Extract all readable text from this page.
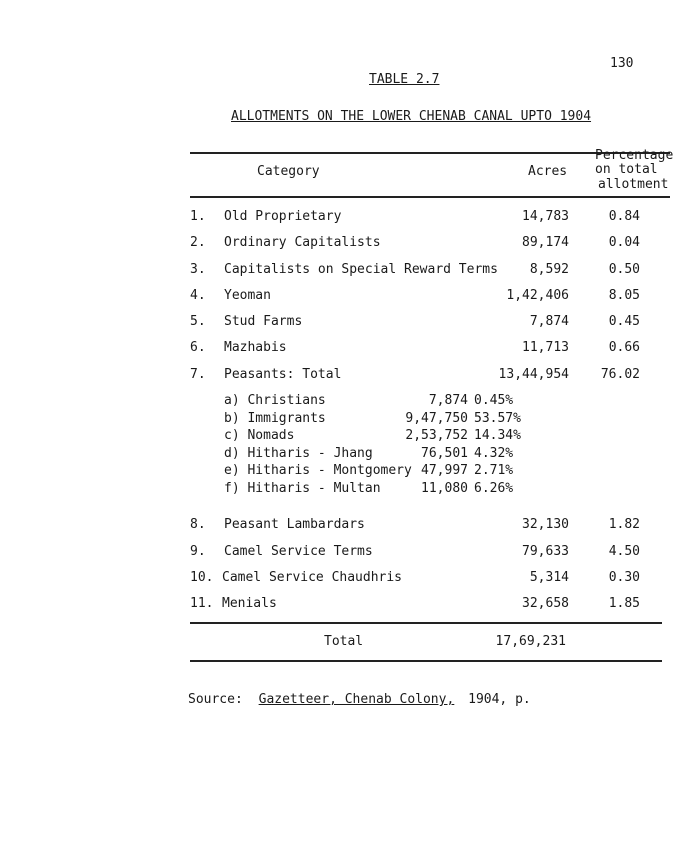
130
TABLE 2.7
ALLOTMENTS ON THE LOWER CHENAB CANAL UPTO 1904
Category	Acres
Percentage
on total
allotment
1. Old Proprietary	14,783	0.84
2. Ordinary Capitalists	89,174	0.04
3. Capitalists on Special Reward Terms	8,592	0.50
4. Yeoman	1,42,406	8.05
5. Stud Farms	7,874	0.45
6. Mazhabis	11,713	0.66
7. Peasants: Total	13,44,954	76.02
a) Christians	7,874 0.45%
b) Immigrants	9,47,750 53.57%
c) Nomads	2,53,752 14.34%
d) Hitharis - Jhang	76,501 4.32%
e) Hitharis - Montgomery 47,997 2.71%
f) Hitharis - Multan	11,080 6.26%
8. Peasant Lambardars	32,130	1.82
9. Camel Service Terms	79,633	4.50
10. Camel Service Chaudhris	5,314	0.30
11. Menials	32,658	1.85
Total	17,69,231
Source: Gazetteer, Chenab Colony, 1904, p.
